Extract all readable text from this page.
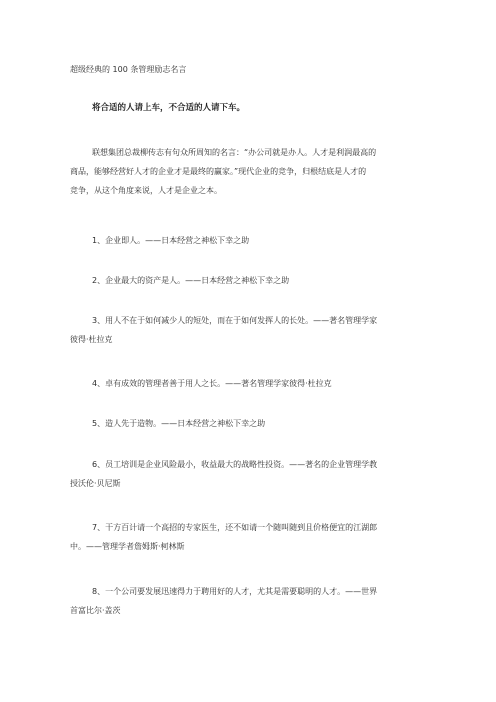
超级经典的 100 条管理励志名言
将合适的人请上车，不合适的人请下车。
联想集团总裁柳传志有句众所周知的名言：“办公司就是办人。人才是利润最高的
商品，能够经营好人才的企业才是最终的赢家。”现代企业的竞争，归根结底是人才的
竞争，从这个角度来说，人才是企业之本。
1、企业即人。——日本经营之神松下幸之助
2、企业最大的资产是人。——日本经营之神松下幸之助
3、用人不在于如何减少人的短处，而在于如何发挥人的长处。——著名管理学家
彼得·杜拉克
4、卓有成效的管理者善于用人之长。——著名管理学家彼得·杜拉克
5、造人先于造物。——日本经营之神松下幸之助
6、员工培训是企业风险最小，收益最大的战略性投资。——著名的企业管理学教
授沃伦·贝尼斯
7、干方百计请一个高招的专家医生，还不如请一个随叫随到且价格便宜的江湖郎
中。——管理学者詹姆斯·柯林斯
8、一个公司要发展迅速得力于聘用好的人才，尤其是需要聪明的人才。——世界
首富比尔·盖茨
